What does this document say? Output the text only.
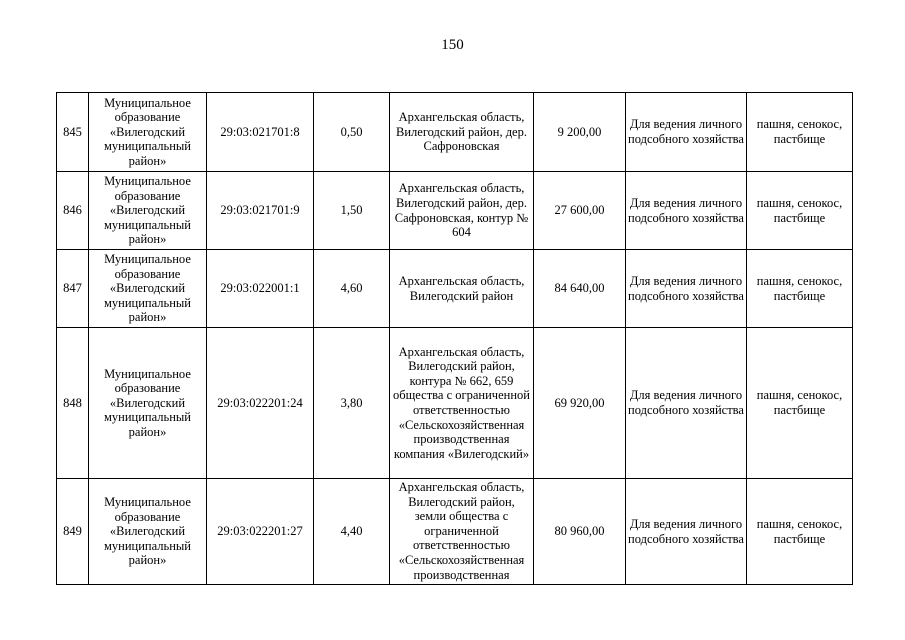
150
845	Муниципальное образование «Вилегодский муниципальный район»	29:03:021701:8	0,50	Архангельская область, Вилегодский район, дер. Сафроновская	9 200,00	Для ведения личного подсобного хозяйства	пашня, сенокос, пастбище
846	Муниципальное образование «Вилегодский муниципальный район»	29:03:021701:9	1,50	Архангельская область, Вилегодский район, дер. Сафроновская, контур № 604	27 600,00	Для ведения личного подсобного хозяйства	пашня, сенокос, пастбище
847	Муниципальное образование «Вилегодский муниципальный район»	29:03:022001:1	4,60	Архангельская область, Вилегодский район	84 640,00	Для ведения личного подсобного хозяйства	пашня, сенокос, пастбище
848	Муниципальное образование «Вилегодский муниципальный район»	29:03:022201:24	3,80	Архангельская область, Вилегодский район, контура № 662, 659 общества с ограниченной ответственностью «Сельскохозяйственная производственная компания «Вилегодский»	69 920,00	Для ведения личного подсобного хозяйства	пашня, сенокос, пастбище
849	Муниципальное образование «Вилегодский муниципальный район»	29:03:022201:27	4,40	Архангельская область, Вилегодский район, земли общества с ограниченной ответственностью «Сельскохозяйственная производственная	80 960,00	Для ведения личного подсобного хозяйства	пашня, сенокос, пастбище
